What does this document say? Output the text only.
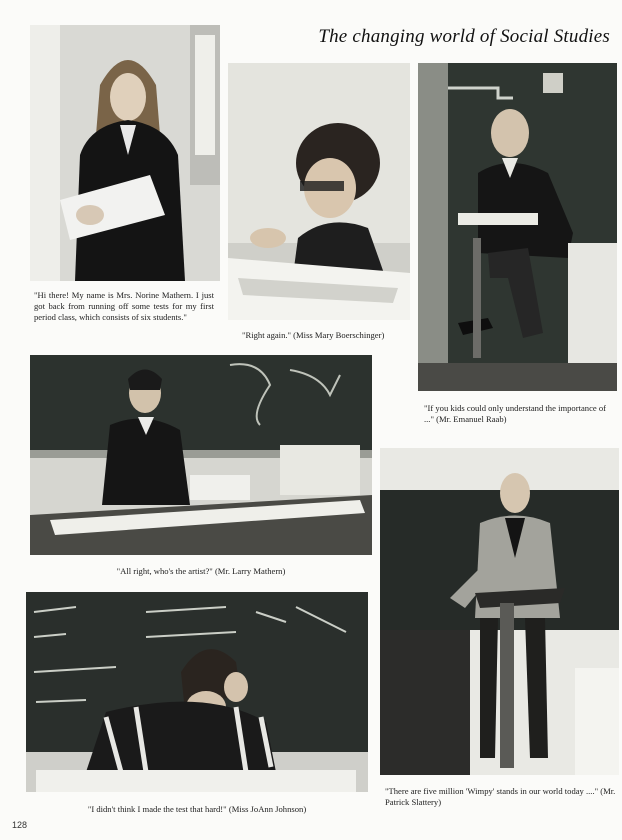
The changing world of Social Studies
"Hi there! My name is Mrs. Norine Mathern. I just got back from running off some tests for my first period class, which consists of six students."
"Right again." (Miss Mary Boerschinger)
"If you kids could only understand the importance of ..." (Mr. Emanuel Raab)
"All right, who's the artist?" (Mr. Larry Mathern)
"There are five million 'Wimpy' stands in our world today ...." (Mr. Patrick Slattery)
"I didn't think I made the test that hard!" (Miss JoAnn Johnson)
128
